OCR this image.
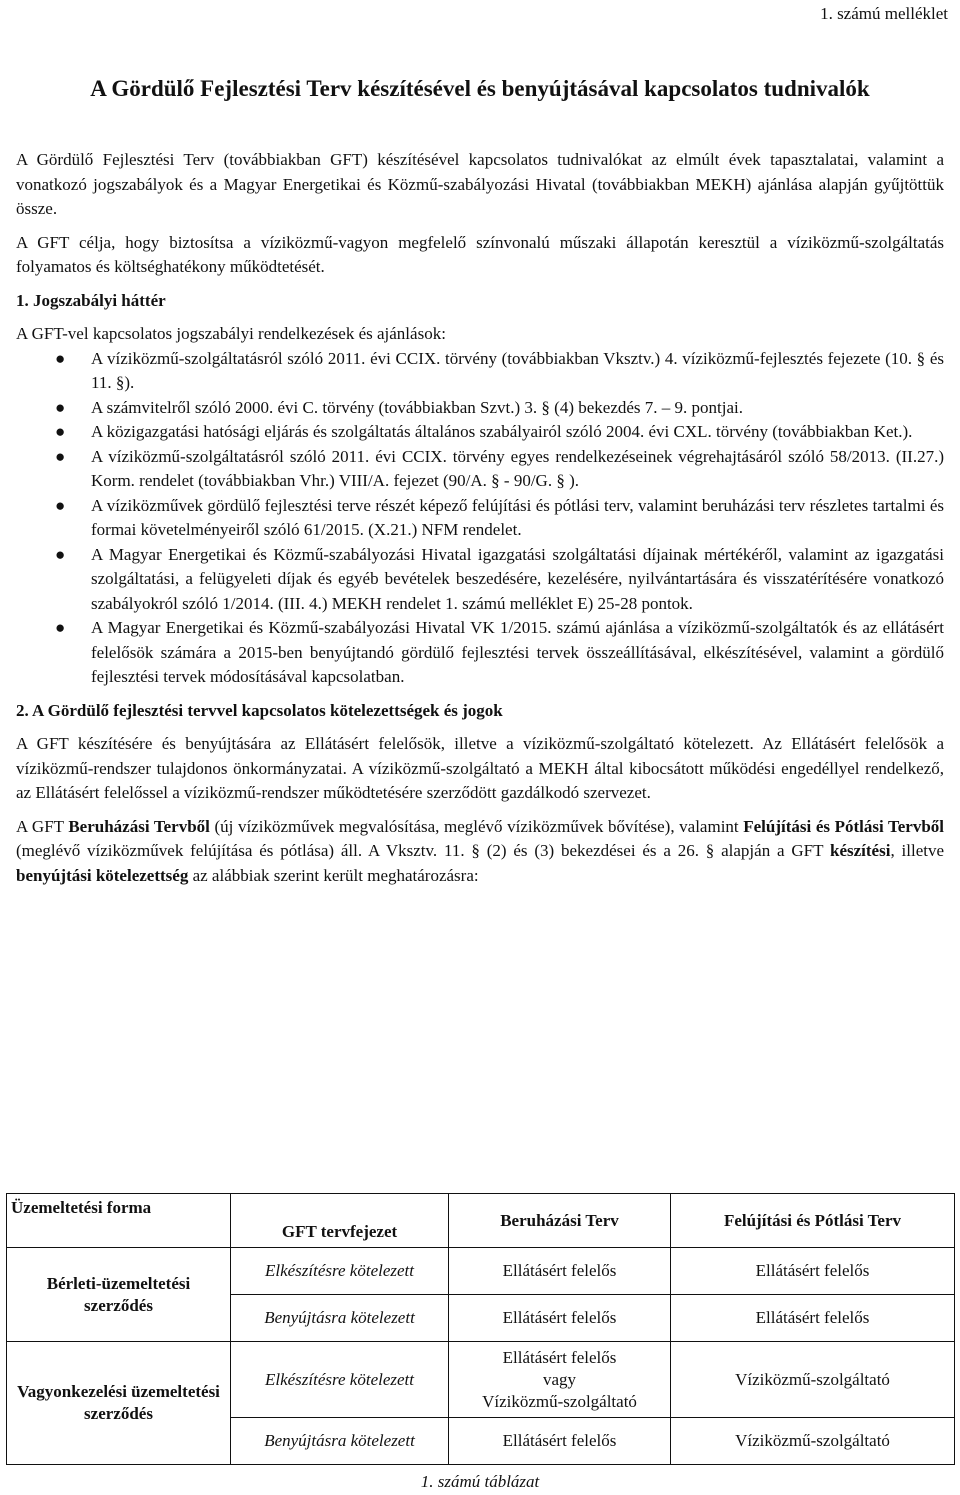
1. számú melléklet
A Gördülő Fejlesztési Terv készítésével és benyújtásával kapcsolatos tudnivalók

A Gördülő Fejlesztési Terv (továbbiakban GFT) készítésével kapcsolatos tudnivalókat az elmúlt évek tapasztalatai, valamint a vonatkozó jogszabályok és a Magyar Energetikai és Közmű-szabályozási Hivatal (továbbiakban MEKH) ajánlása alapján gyűjtöttük össze.

A GFT célja, hogy biztosítsa a víziközmű-vagyon megfelelő színvonalú műszaki állapotán keresztül a víziközmű-szolgáltatás folyamatos és költséghatékony működtetését.

1. Jogszabályi háttér

A GFT-vel kapcsolatos jogszabályi rendelkezések és ajánlások:

● A víziközmű-szolgáltatásról szóló 2011. évi CCIX. törvény (továbbiakban Vksztv.) 4. víziközmű-fejlesztés fejezete (10. § és 11. §).
● A számvitelről szóló 2000. évi C. törvény (továbbiakban Szvt.) 3. § (4) bekezdés 7. – 9. pontjai.
● A közigazgatási hatósági eljárás és szolgáltatás általános szabályairól szóló 2004. évi CXL. törvény (továbbiakban Ket.).
● A víziközmű-szolgáltatásról szóló 2011. évi CCIX. törvény egyes rendelkezéseinek végrehajtásáról szóló 58/2013. (II.27.) Korm. rendelet (továbbiakban Vhr.) VIII/A. fejezet (90/A. § - 90/G. § ).
● A víziközművek gördülő fejlesztési terve részét képező felújítási és pótlási terv, valamint beruházási terv részletes tartalmi és formai követelményeiről szóló 61/2015. (X.21.) NFM rendelet.
● A Magyar Energetikai és Közmű-szabályozási Hivatal igazgatási szolgáltatási díjainak mértékéről, valamint az igazgatási szolgáltatási, a felügyeleti díjak és egyéb bevételek beszedésére, kezelésére, nyilvántartására és visszatérítésére vonatkozó szabályokról szóló 1/2014. (III. 4.) MEKH rendelet 1. számú melléklet E) 25-28 pontok.
● A Magyar Energetikai és Közmű-szabályozási Hivatal VK 1/2015. számú ajánlása a víziközmű-szolgáltatók és az ellátásért felelősök számára a 2015-ben benyújtandó gördülő fejlesztési tervek összeállításával, elkészítésével, valamint a gördülő fejlesztési tervek módosításával kapcsolatban.

2. A Gördülő fejlesztési tervvel kapcsolatos kötelezettségek és jogok

A GFT készítésére és benyújtására az Ellátásért felelősök, illetve a víziközmű-szolgáltató kötelezett. Az Ellátásért felelősök a víziközmű-rendszer tulajdonos önkormányzatai. A víziközmű-szolgáltató a MEKH által kibocsátott működési engedéllyel rendelkező, az Ellátásért felelőssel a víziközmű-rendszer működtetésére szerződött gazdálkodó szervezet.

A GFT Beruházási Tervből (új víziközművek megvalósítása, meglévő víziközművek bővítése), valamint Felújítási és Pótlási Tervből (meglévő víziközművek felújítása és pótlása) áll. A Vksztv. 11. § (2) és (3) bekezdései és a 26. § alapján a GFT készítési, illetve benyújtási kötelezettség az alábbiak szerint került meghatározásra:

Üzemeltetési forma	GFT tervfejezet	Beruházási Terv	Felújítási és Pótlási Terv
Bérleti-üzemeltetési szerződés	Elkészítésre kötelezett	Ellátásért felelős	Ellátásért felelős
	Benyújtásra kötelezett	Ellátásért felelős	Ellátásért felelős
Vagyonkezelési üzemeltetési szerződés	Elkészítésre kötelezett	Ellátásért felelős
vagy
Víziközmű-szolgáltató	Víziközmű-szolgáltató
	Benyújtásra kötelezett	Ellátásért felelős	Víziközmű-szolgáltató
1. számú táblázat
